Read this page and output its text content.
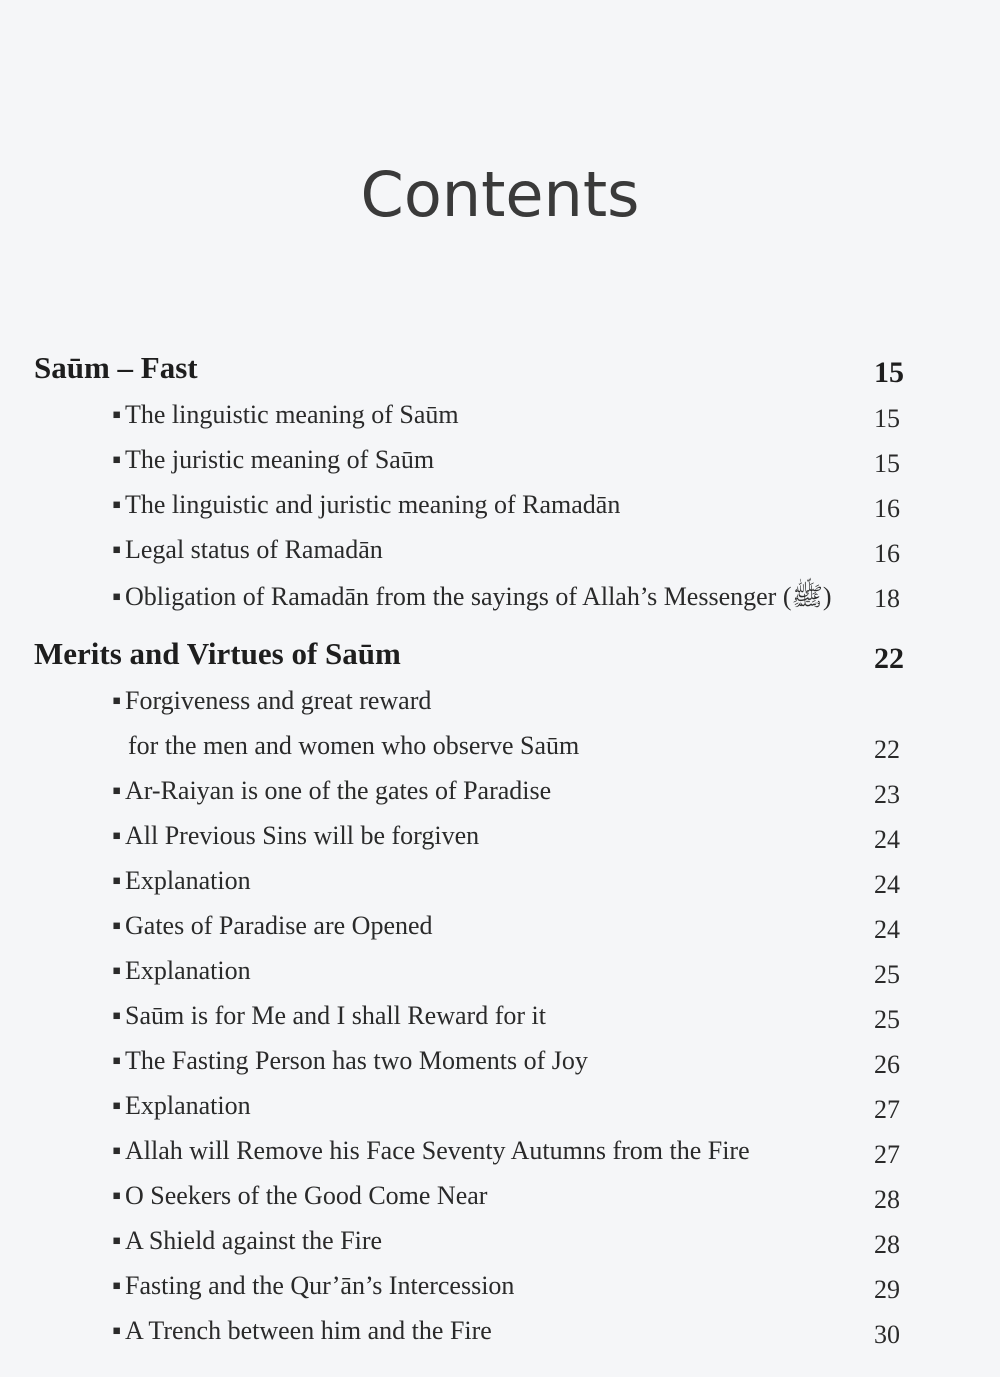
Contents
Saūm – Fast	15
▪ The linguistic meaning of Saūm	15
▪ The juristic meaning of Saūm	15
▪ The linguistic and juristic meaning of Ramadān	16
▪ Legal status of Ramadān	16
▪ Obligation of Ramadān from the sayings of Allah’s Messenger (ﷺ) 18
Merits and Virtues of Saūm	22
▪ Forgiveness and great reward
for the men and women who observe Saūm	22
▪ Ar-Raiyan is one of the gates of Paradise	23
▪ All Previous Sins will be forgiven	24
▪ Explanation	24
▪ Gates of Paradise are Opened	24
▪ Explanation	25
▪ Saūm is for Me and I shall Reward for it	25
▪ The Fasting Person has two Moments of Joy	26
▪ Explanation	27
▪ Allah will Remove his Face Seventy Autumns from the Fire	27
▪ O Seekers of the Good Come Near	28
▪ A Shield against the Fire	28
▪ Fasting and the Qur’ān’s Intercession	29
▪ A Trench between him and the Fire	30
